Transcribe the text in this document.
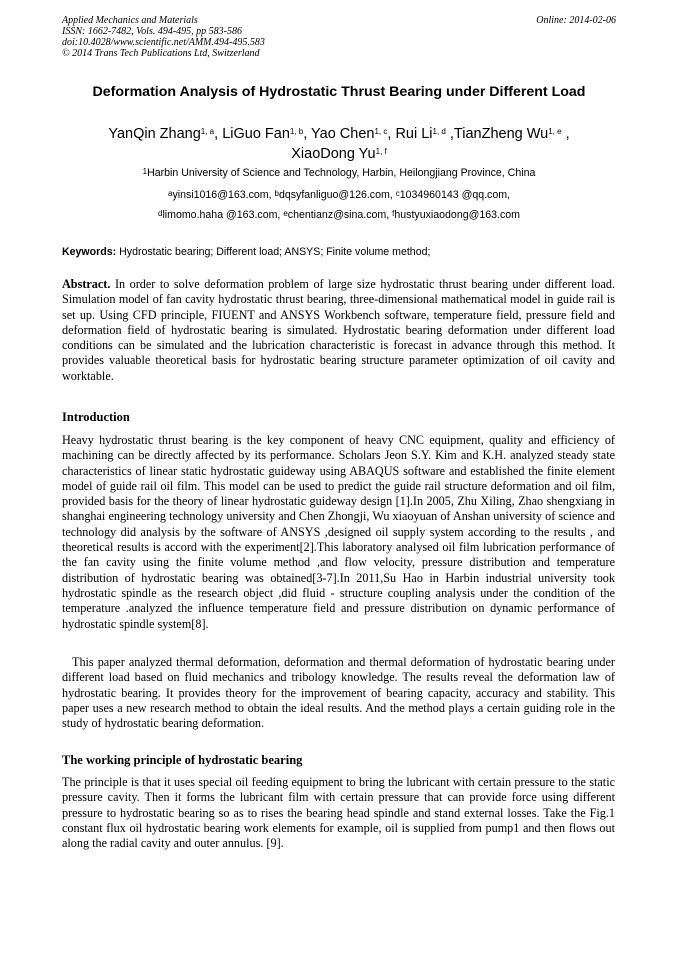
Applied Mechanics and Materials
ISSN: 1662-7482, Vols. 494-495, pp 583-586
doi:10.4028/www.scientific.net/AMM.494-495.583
© 2014 Trans Tech Publications Ltd, Switzerland
Online: 2014-02-06
Deformation Analysis of Hydrostatic Thrust Bearing under Different Load
YanQin Zhang$^{1, a}$, LiGuo Fan$^{1, b}$, Yao Chen$^{1, c}$, Rui Li$^{1, d}$ ,TianZheng Wu$^{1, e}$ ,
XiaoDong Yu$^{1, f}$
$^1$Harbin University of Science and Technology, Harbin, Heilongjiang Province, China
$^a$yinsi1016@163.com, $^b$dqsyfanliguo@126.com, $^c$1034960143 @qq.com,
$^d$limomo.haha @163.com, $^e$chentianz@sina.com, $^f$hustyuxiaodong@163.com
Keywords: Hydrostatic bearing; Different load; ANSYS; Finite volume method;
Abstract. In order to solve deformation problem of large size hydrostatic thrust bearing under different load. Simulation model of fan cavity hydrostatic thrust bearing, three-dimensional mathematical model in guide rail is set up. Using CFD principle, FIUENT and ANSYS Workbench software, temperature field, pressure field and deformation field of hydrostatic bearing is simulated. Hydrostatic bearing deformation under different load conditions can be simulated and the lubrication characteristic is forecast in advance through this method. It provides valuable theoretical basis for hydrostatic bearing structure parameter optimization of oil cavity and worktable.
Introduction
Heavy hydrostatic thrust bearing is the key component of heavy CNC equipment, quality and efficiency of machining can be directly affected by its performance. Scholars Jeon S.Y. Kim and K.H. analyzed steady state characteristics of linear static hydrostatic guideway using ABAQUS software and established the finite element model of guide rail oil film. This model can be used to predict the guide rail structure deformation and oil film, provided basis for the theory of linear hydrostatic guideway design [1].In 2005, Zhu Xiling, Zhao shengxiang in shanghai engineering technology university and Chen Zhongji, Wu xiaoyuan of Anshan university of science and technology did analysis by the software of ANSYS ,designed oil supply system according to the results , and theoretical results is accord with the experiment[2].This laboratory analysed oil film lubrication performance of the fan cavity using the finite volume method ,and flow velocity, pressure distribution and temperature distribution of hydrostatic bearing was obtained[3-7].In 2011,Su Hao in Harbin industrial university took hydrostatic spindle as the research object ,did fluid - structure coupling analysis under the condition of the temperature .analyzed the influence temperature field and pressure distribution on dynamic performance of hydrostatic spindle system[8].
This paper analyzed thermal deformation, deformation and thermal deformation of hydrostatic bearing under different load based on fluid mechanics and tribology knowledge. The results reveal the deformation law of hydrostatic bearing. It provides theory for the improvement of bearing capacity, accuracy and stability. This paper uses a new research method to obtain the ideal results. And the method plays a certain guiding role in the study of hydrostatic bearing deformation.
The working principle of hydrostatic bearing
The principle is that it uses special oil feeding equipment to bring the lubricant with certain pressure to the static pressure cavity. Then it forms the lubricant film with certain pressure that can provide force using different pressure to hydrostatic bearing so as to rises the bearing head spindle and stand external losses. Take the Fig.1 constant flux oil hydrostatic bearing work elements for example, oil is supplied from pump1 and then flows out along the radial cavity and outer annulus. [9].
